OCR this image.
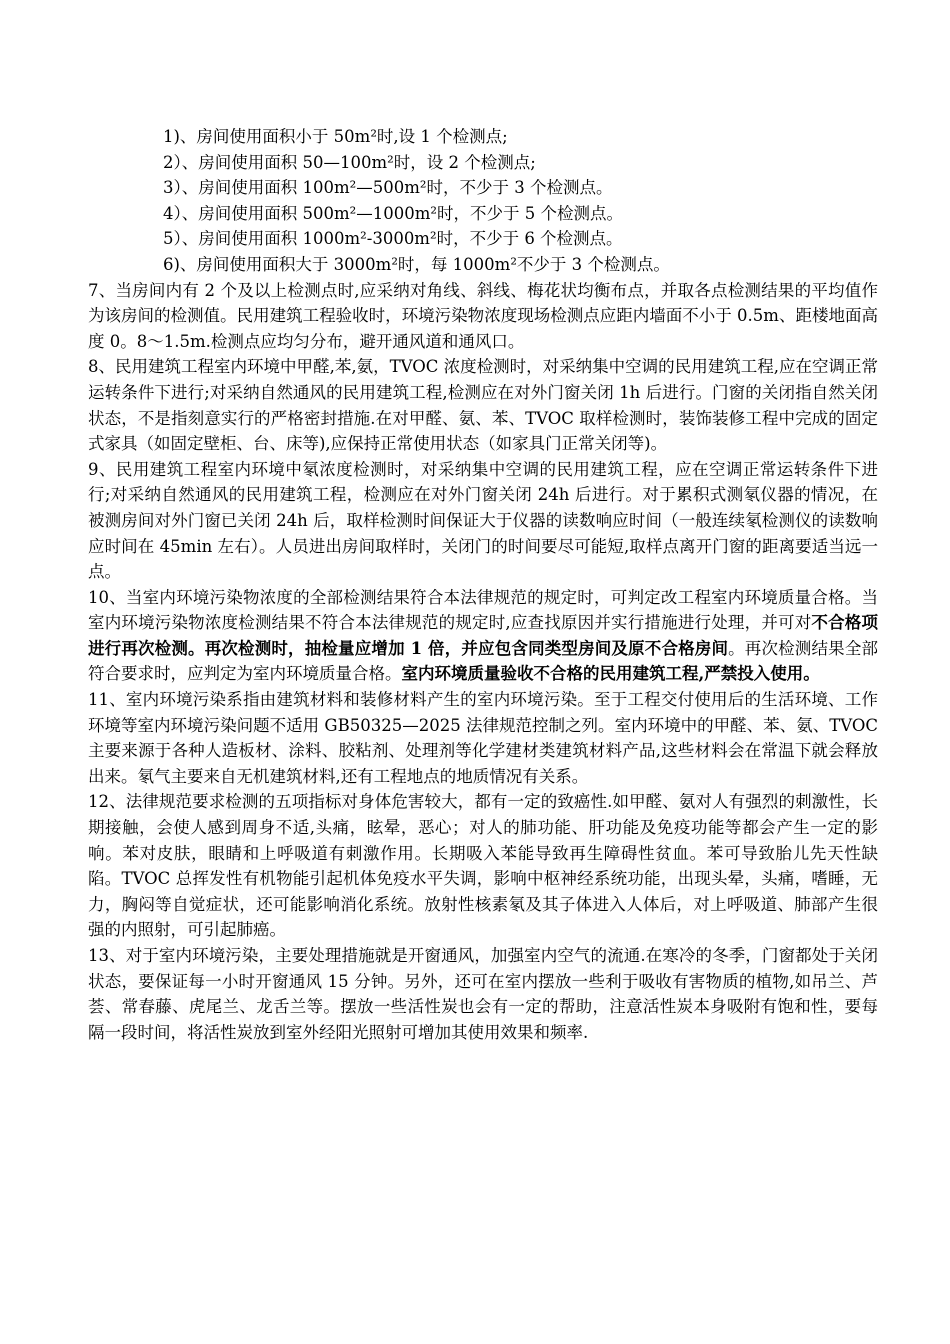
1)、房间使用面积小于 50m²时,设 1 个检测点;

2）、房间使用面积 50—100m²时，设 2 个检测点;

3）、房间使用面积 100m²—500m²时，不少于 3 个检测点。

4）、房间使用面积 500m²—1000m²时，不少于 5 个检测点。

5）、房间使用面积 1000m²-3000m²时，不少于 6 个检测点。

6)、房间使用面积大于 3000m²时，每 1000m²不少于 3 个检测点。

7、当房间内有 2 个及以上检测点时,应采纳对角线、斜线、梅花状均衡布点，并取各点检测结果的平均值作为该房间的检测值。民用建筑工程验收时，环境污染物浓度现场检测点应距内墙面不小于 0.5m、距楼地面高度 0。8～1.5m.检测点应均匀分布，避开通风道和通风口。

8、民用建筑工程室内环境中甲醛,苯,氨，TVOC 浓度检测时，对采纳集中空调的民用建筑工程,应在空调正常运转条件下进行;对采纳自然通风的民用建筑工程,检测应在对外门窗关闭 1h 后进行。门窗的关闭指自然关闭状态，不是指刻意实行的严格密封措施.在对甲醛、氨、苯、TVOC 取样检测时，装饰装修工程中完成的固定式家具（如固定壁柜、台、床等),应保持正常使用状态（如家具门正常关闭等)。

9、民用建筑工程室内环境中氡浓度检测时，对采纳集中空调的民用建筑工程，应在空调正常运转条件下进行;对采纳自然通风的民用建筑工程，检测应在对外门窗关闭 24h 后进行。对于累积式测氡仪器的情况，在被测房间对外门窗已关闭 24h 后，取样检测时间保证大于仪器的读数响应时间（一般连续氡检测仪的读数响应时间在 45min 左右）。人员进出房间取样时，关闭门的时间要尽可能短,取样点离开门窗的距离要适当远一点。

10、当室内环境污染物浓度的全部检测结果符合本法律规范的规定时，可判定改工程室内环境质量合格。当室内环境污染物浓度检测结果不符合本法律规范的规定时,应查找原因并实行措施进行处理，并可对不合格项进行再次检测。再次检测时，抽检量应增加 1 倍，并应包含同类型房间及原不合格房间。再次检测结果全部符合要求时，应判定为室内环境质量合格。室内环境质量验收不合格的民用建筑工程,严禁投入使用。

11、室内环境污染系指由建筑材料和装修材料产生的室内环境污染。至于工程交付使用后的生活环境、工作环境等室内环境污染问题不适用 GB50325—2025 法律规范控制之列。室内环境中的甲醛、苯、氨、TVOC 主要来源于各种人造板材、涂料、胶粘剂、处理剂等化学建材类建筑材料产品,这些材料会在常温下就会释放出来。氡气主要来自无机建筑材料,还有工程地点的地质情况有关系。

12、法律规范要求检测的五项指标对身体危害较大，都有一定的致癌性.如甲醛、氨对人有强烈的刺激性，长期接触，会使人感到周身不适,头痛，眩晕，恶心；对人的肺功能、肝功能及免疫功能等都会产生一定的影响。苯对皮肤，眼睛和上呼吸道有刺激作用。长期吸入苯能导致再生障碍性贫血。苯可导致胎儿先天性缺陷。TVOC 总挥发性有机物能引起机体免疫水平失调，影响中枢神经系统功能，出现头晕，头痛，嗜睡，无力，胸闷等自觉症状，还可能影响消化系统。放射性核素氡及其子体进入人体后，对上呼吸道、肺部产生很强的内照射，可引起肺癌。

13、对于室内环境污染，主要处理措施就是开窗通风，加强室内空气的流通.在寒冷的冬季，门窗都处于关闭状态，要保证每一小时开窗通风 15 分钟。另外，还可在室内摆放一些利于吸收有害物质的植物,如吊兰、芦荟、常春藤、虎尾兰、龙舌兰等。摆放一些活性炭也会有一定的帮助，注意活性炭本身吸附有饱和性，要每隔一段时间，将活性炭放到室外经阳光照射可增加其使用效果和频率.
